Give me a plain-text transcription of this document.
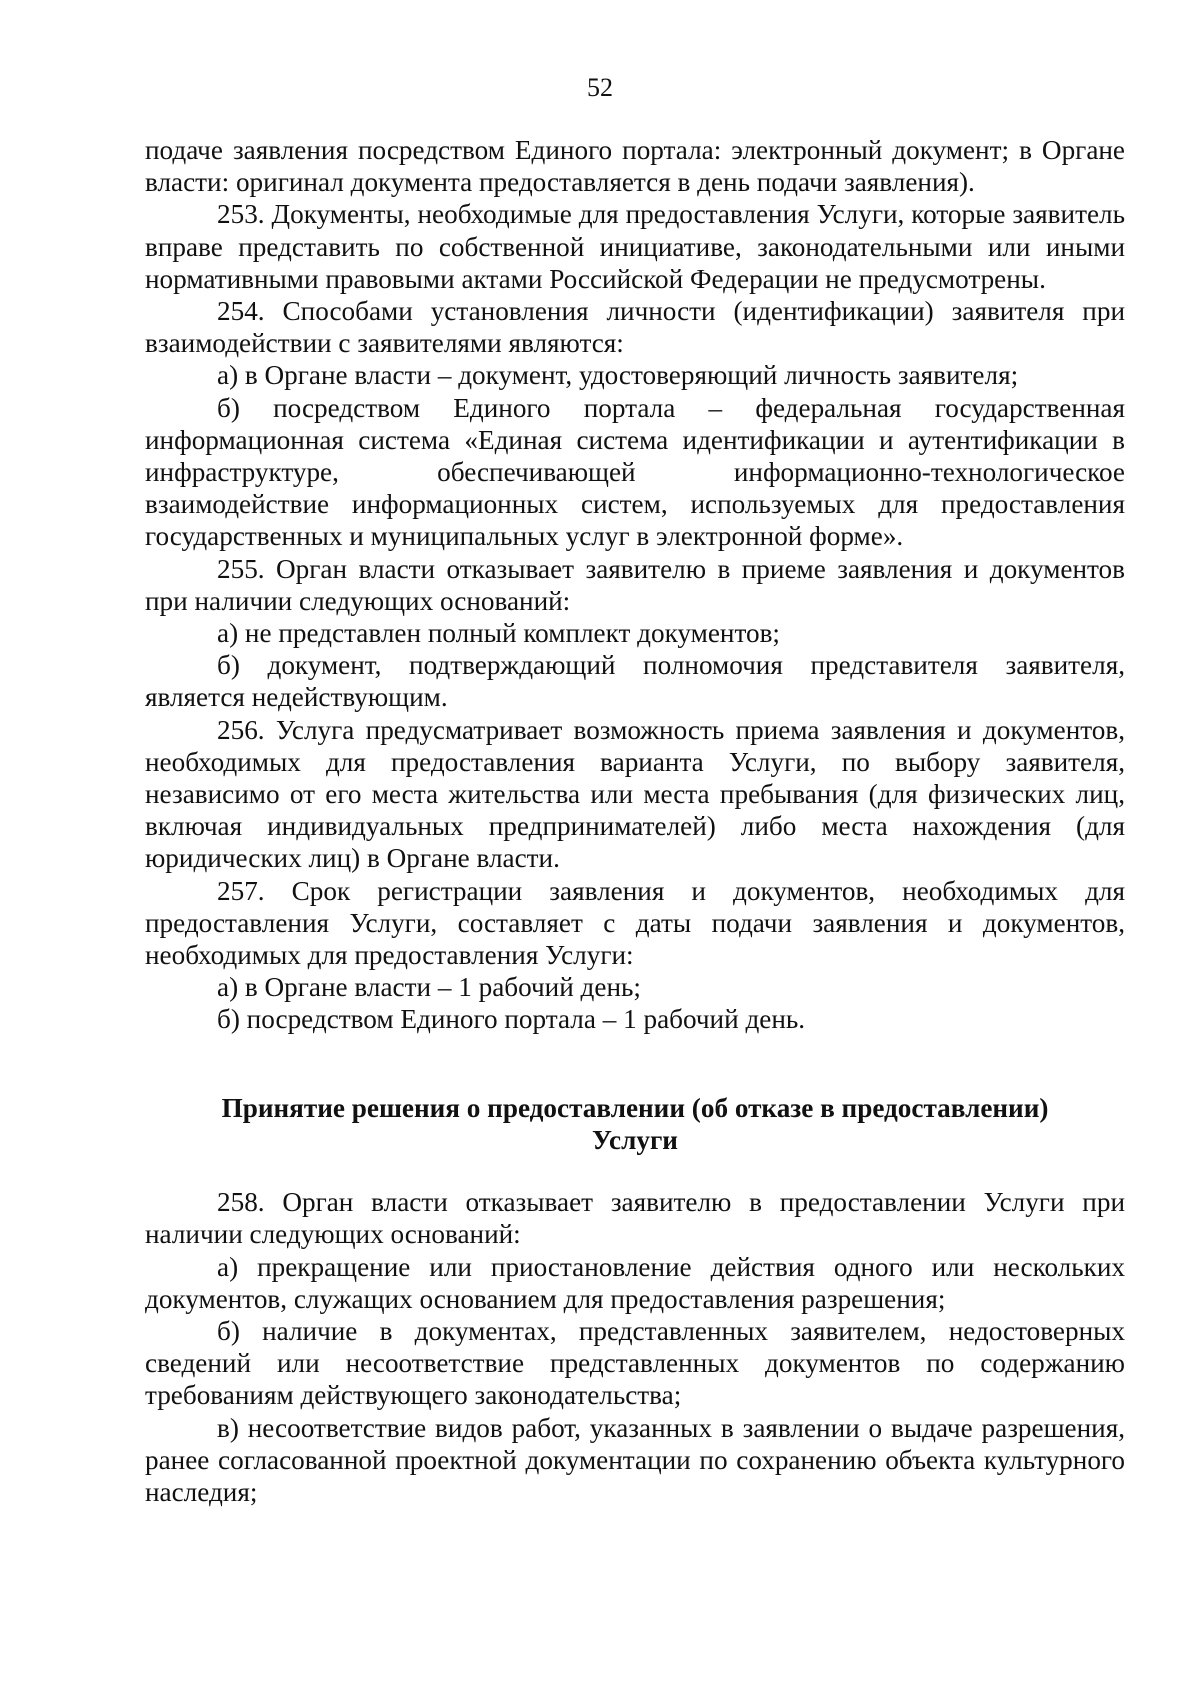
52

подаче заявления посредством Единого портала: электронный документ; в Органе власти: оригинал документа предоставляется в день подачи заявления).

253. Документы, необходимые для предоставления Услуги, которые заявитель вправе представить по собственной инициативе, законодательными или иными нормативными правовыми актами Российской Федерации не предусмотрены.

254. Способами установления личности (идентификации) заявителя при взаимодействии с заявителями являются:

а) в Органе власти – документ, удостоверяющий личность заявителя;

б) посредством Единого портала – федеральная государственная информационная система «Единая система идентификации и аутентификации в инфраструктуре, обеспечивающей информационно-технологическое взаимодействие информационных систем, используемых для предоставления государственных и муниципальных услуг в электронной форме».

255. Орган власти отказывает заявителю в приеме заявления и документов при наличии следующих оснований:

а) не представлен полный комплект документов;

б) документ, подтверждающий полномочия представителя заявителя, является недействующим.

256. Услуга предусматривает возможность приема заявления и документов, необходимых для предоставления варианта Услуги, по выбору заявителя, независимо от его места жительства или места пребывания (для физических лиц, включая индивидуальных предпринимателей) либо места нахождения (для юридических лиц) в Органе власти.

257. Срок регистрации заявления и документов, необходимых для предоставления Услуги, составляет с даты подачи заявления и документов, необходимых для предоставления Услуги:

а) в Органе власти – 1 рабочий день;

б) посредством Единого портала – 1 рабочий день.

Принятие решения о предоставлении (об отказе в предоставлении) Услуги

258. Орган власти отказывает заявителю в предоставлении Услуги при наличии следующих оснований:

а) прекращение или приостановление действия одного или нескольких документов, служащих основанием для предоставления разрешения;

б) наличие в документах, представленных заявителем, недостоверных сведений или несоответствие представленных документов по содержанию требованиям действующего законодательства;

в) несоответствие видов работ, указанных в заявлении о выдаче разрешения, ранее согласованной проектной документации по сохранению объекта культурного наследия;
